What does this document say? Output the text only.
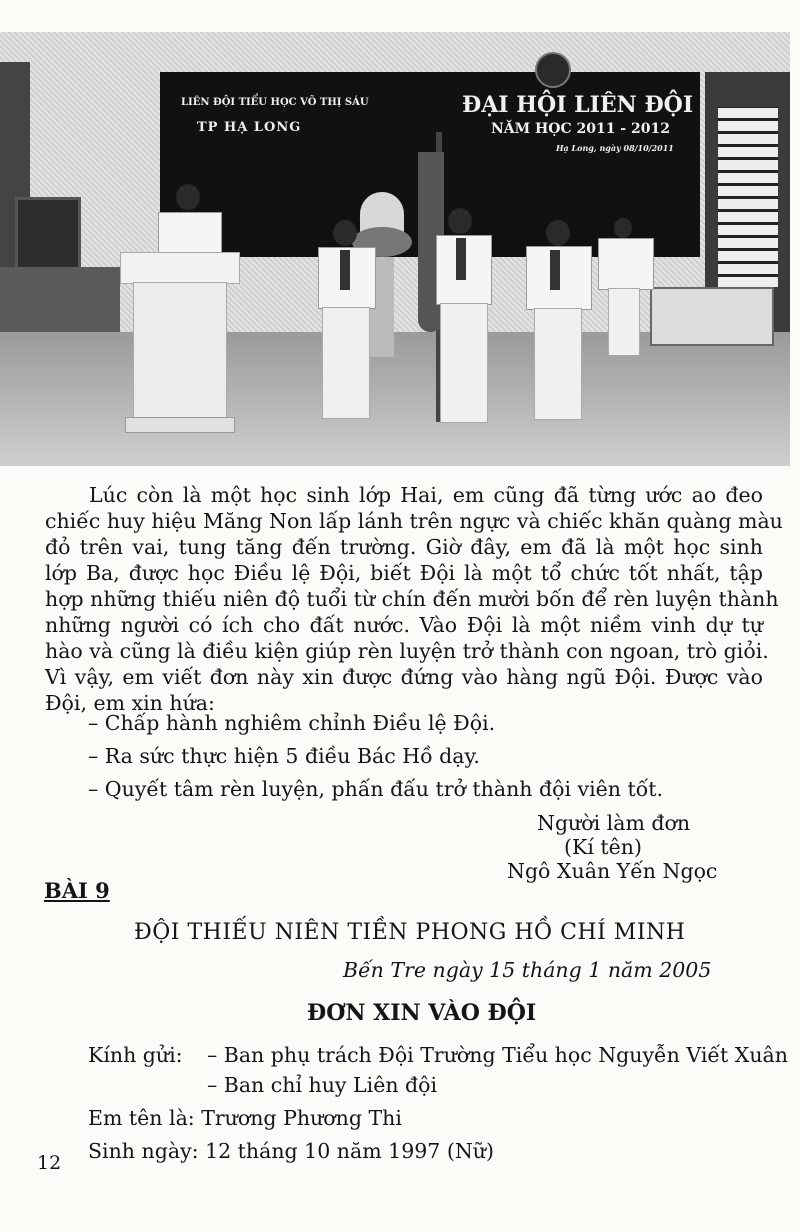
LIÊN ĐỘI TIỂU HỌC VÕ THỊ SÁU
TP HẠ LONG
ĐẠI HỘI LIÊN ĐỘI
NĂM HỌC 2011 - 2012
Hạ Long, ngày 08/10/2011
Lúc còn là một học sinh lớp Hai, em cũng đã từng ước ao đeo
chiếc huy hiệu Măng Non lấp lánh trên ngực và chiếc khăn quàng màu
đỏ trên vai, tung tăng đến trường. Giờ đây, em đã là một học sinh
lớp Ba, được học Điều lệ Đội, biết Đội là một tổ chức tốt nhất, tập
hợp những thiếu niên độ tuổi từ chín đến mười bốn để rèn luyện thành
những người có ích cho đất nước. Vào Đội là một niềm vinh dự tự
hào và cũng là điều kiện giúp rèn luyện trở thành con ngoan, trò giỏi.
Vì vậy, em viết đơn này xin được đứng vào hàng ngũ Đội. Được vào
Đội, em xin hứa:
– Chấp hành nghiêm chỉnh Điều lệ Đội.
– Ra sức thực hiện 5 điều Bác Hồ dạy.
– Quyết tâm rèn luyện, phấn đấu trở thành đội viên tốt.
Người làm đơn
(Kí tên)
Ngô Xuân Yến Ngọc
BÀI 9
ĐỘI THIẾU NIÊN TIỀN PHONG HỒ CHÍ MINH
Bến Tre ngày 15 tháng 1 năm 2005
ĐƠN XIN VÀO ĐỘI
Kính gửi: – Ban phụ trách Đội Trường Tiểu học Nguyễn Viết Xuân
– Ban chỉ huy Liên đội
Em tên là: Trương Phương Thi
Sinh ngày: 12 tháng 10 năm 1997 (Nữ)
12
